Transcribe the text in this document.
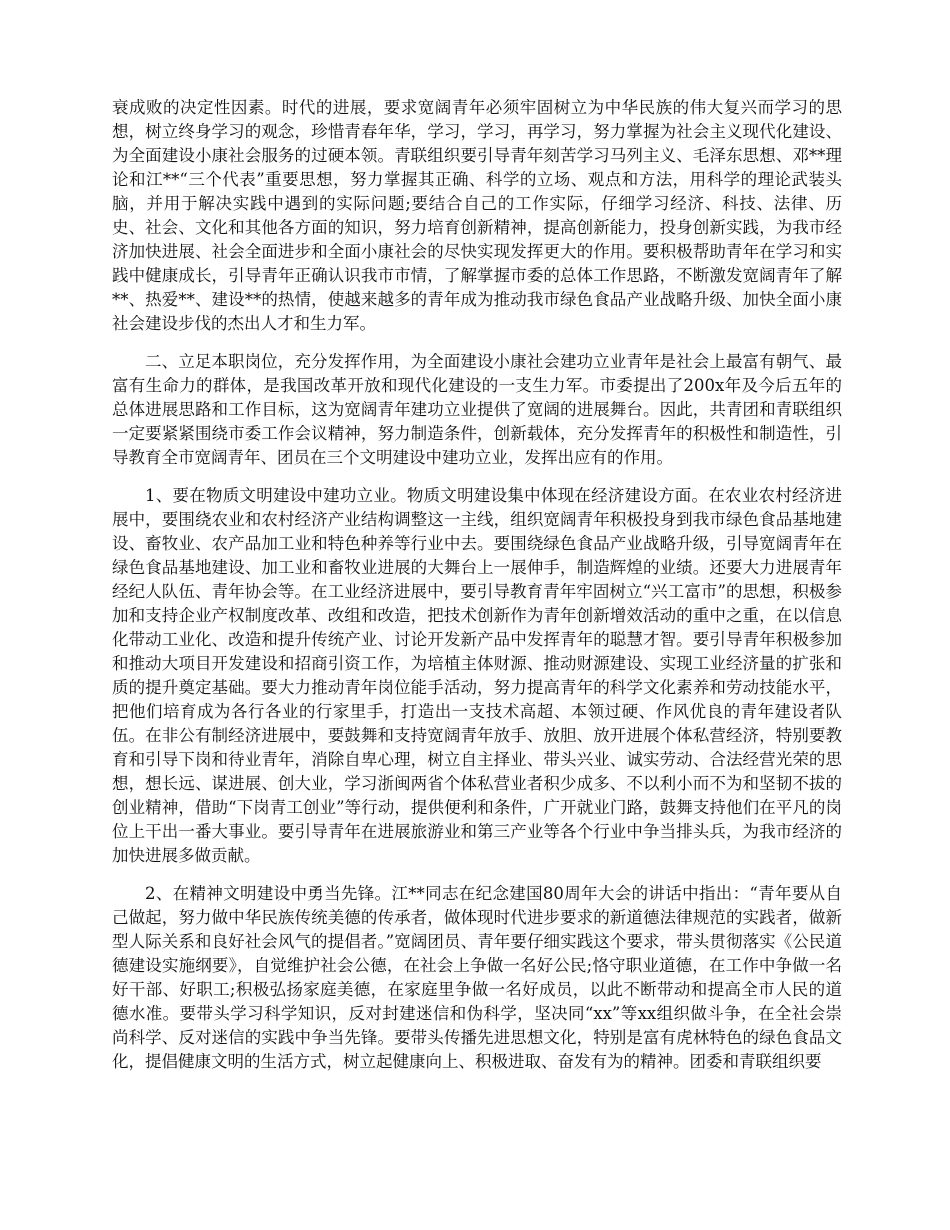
衰成败的决定性因素。时代的进展，要求宽阔青年必须牢固树立为中华民族的伟大复兴而学习的思想，树立终身学习的观念，珍惜青春年华，学习，学习，再学习，努力掌握为社会主义现代化建设、为全面建设小康社会服务的过硬本领。青联组织要引导青年刻苦学习马列主义、毛泽东思想、邓**理论和江**“三个代表”重要思想，努力掌握其正确、科学的立场、观点和方法，用科学的理论武装头脑，并用于解决实践中遇到的实际问题;要结合自己的工作实际，仔细学习经济、科技、法律、历史、社会、文化和其他各方面的知识，努力培育创新精神，提高创新能力，投身创新实践，为我市经济加快进展、社会全面进步和全面小康社会的尽快实现发挥更大的作用。要积极帮助青年在学习和实践中健康成长，引导青年正确认识我市市情，了解掌握市委的总体工作思路，不断激发宽阔青年了解**、热爱**、建设**的热情，使越来越多的青年成为推动我市绿色食品产业战略升级、加快全面小康社会建设步伐的杰出人才和生力军。

二、立足本职岗位，充分发挥作用，为全面建设小康社会建功立业青年是社会上最富有朝气、最富有生命力的群体，是我国改革开放和现代化建设的一支生力军。市委提出了200x年及今后五年的总体进展思路和工作目标，这为宽阔青年建功立业提供了宽阔的进展舞台。因此，共青团和青联组织一定要紧紧围绕市委工作会议精神，努力制造条件，创新载体，充分发挥青年的积极性和制造性，引导教育全市宽阔青年、团员在三个文明建设中建功立业，发挥出应有的作用。

1、要在物质文明建设中建功立业。物质文明建设集中体现在经济建设方面。在农业农村经济进展中，要围绕农业和农村经济产业结构调整这一主线，组织宽阔青年积极投身到我市绿色食品基地建设、畜牧业、农产品加工业和特色种养等行业中去。要围绕绿色食品产业战略升级，引导宽阔青年在绿色食品基地建设、加工业和畜牧业进展的大舞台上一展伸手，制造辉煌的业绩。还要大力进展青年经纪人队伍、青年协会等。在工业经济进展中，要引导教育青年牢固树立“兴工富市”的思想，积极参加和支持企业产权制度改革、改组和改造，把技术创新作为青年创新增效活动的重中之重，在以信息化带动工业化、改造和提升传统产业、讨论开发新产品中发挥青年的聪慧才智。要引导青年积极参加和推动大项目开发建设和招商引资工作，为培植主体财源、推动财源建设、实现工业经济量的扩张和质的提升奠定基础。要大力推动青年岗位能手活动，努力提高青年的科学文化素养和劳动技能水平，把他们培育成为各行各业的行家里手，打造出一支技术高超、本领过硬、作风优良的青年建设者队伍。在非公有制经济进展中，要鼓舞和支持宽阔青年放手、放胆、放开进展个体私营经济，特别要教育和引导下岗和待业青年，消除自卑心理，树立自主择业、带头兴业、诚实劳动、合法经营光荣的思想，想长远、谋进展、创大业，学习浙闽两省个体私营业者积少成多、不以利小而不为和坚韧不拔的创业精神，借助“下岗青工创业”等行动，提供便利和条件，广开就业门路，鼓舞支持他们在平凡的岗位上干出一番大事业。要引导青年在进展旅游业和第三产业等各个行业中争当排头兵，为我市经济的加快进展多做贡献。

2、在精神文明建设中勇当先锋。江**同志在纪念建国80周年大会的讲话中指出：“青年要从自己做起，努力做中华民族传统美德的传承者，做体现时代进步要求的新道德法律规范的实践者，做新型人际关系和良好社会风气的提倡者。”宽阔团员、青年要仔细实践这个要求，带头贯彻落实《公民道德建设实施纲要》，自觉维护社会公德，在社会上争做一名好公民;恪守职业道德，在工作中争做一名好干部、好职工;积极弘扬家庭美德，在家庭里争做一名好成员，以此不断带动和提高全市人民的道德水准。要带头学习科学知识，反对封建迷信和伪科学，坚决同“xx”等xx组织做斗争，在全社会崇尚科学、反对迷信的实践中争当先锋。要带头传播先进思想文化，特别是富有虎林特色的绿色食品文化，提倡健康文明的生活方式，树立起健康向上、积极进取、奋发有为的精神。团委和青联组织要
